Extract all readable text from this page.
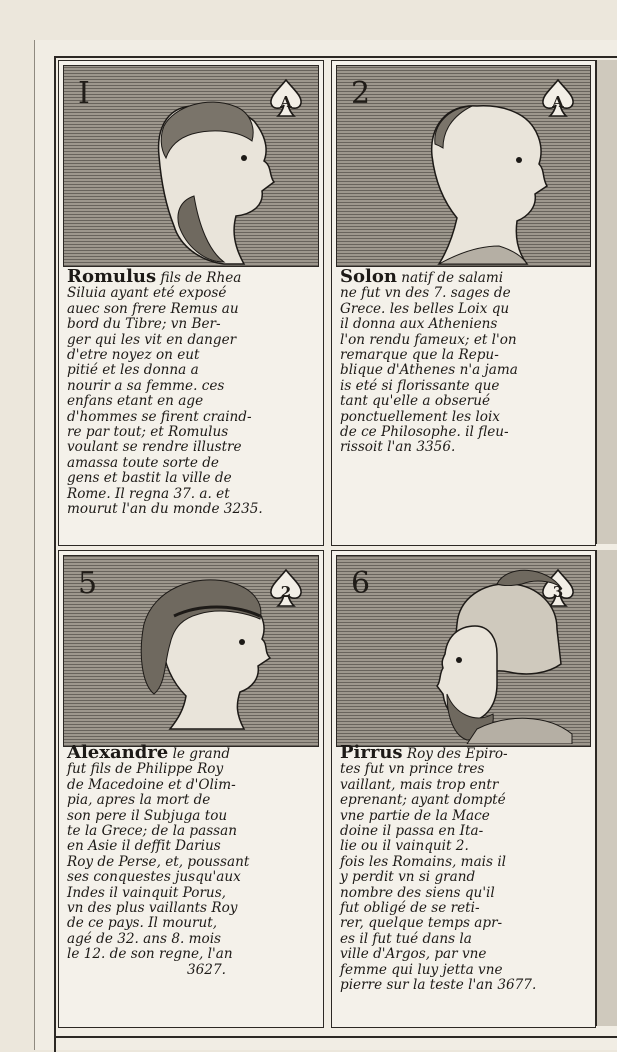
I	A
Romulus fils de Rhea
Siluia ayant eté exposé
auec son frere Remus au
bord du Tibre; vn Ber-
ger qui les vit en danger
d'etre noyez on eut
pitié et les donna a
nourir a sa femme. ces
enfans etant en age
d'hommes se firent craind-
re par tout; et Romulus
voulant se rendre illustre
amassa toute sorte de
gens et bastit la ville de
Rome. Il regna 37. a. et
mourut l'an du monde 3235.
2	A
Solon natif de salami
ne fut vn des 7. sages de
Grece. les belles Loix qu
il donna aux Atheniens
l'on rendu fameux; et l'on
remarque que la Repu-
blique d'Athenes n'a jama
is eté si florissante que
tant qu'elle a obserué
ponctuellement les loix
de ce Philosophe. il fleu-
rissoit l'an 3356.
5	2
Alexandre le grand
fut fils de Philippe Roy
de Macedoine et d'Olim-
pia, apres la mort de
son pere il Subjuga tou
te la Grece; de la passan
en Asie il deffit Darius
Roy de Perse, et, poussant
ses conquestes jusqu'aux
Indes il vainquit Porus,
vn des plus vaillants Roy
de ce pays. Il mourut,
agé de 32. ans 8. mois
le 12. de son regne, l'an
3627.
6	3
Pirrus Roy des Epiro-
tes fut vn prince tres
vaillant, mais trop entr
eprenant; ayant dompté
vne partie de la Mace
doine il passa en Ita-
lie ou il vainquit 2.
fois les Romains, mais il
y perdit vn si grand
nombre des siens qu'il
fut obligé de se reti-
rer, quelque temps apr-
es il fut tué dans la
ville d'Argos, par vne
femme qui luy jetta vne
pierre sur la teste l'an 3677.
